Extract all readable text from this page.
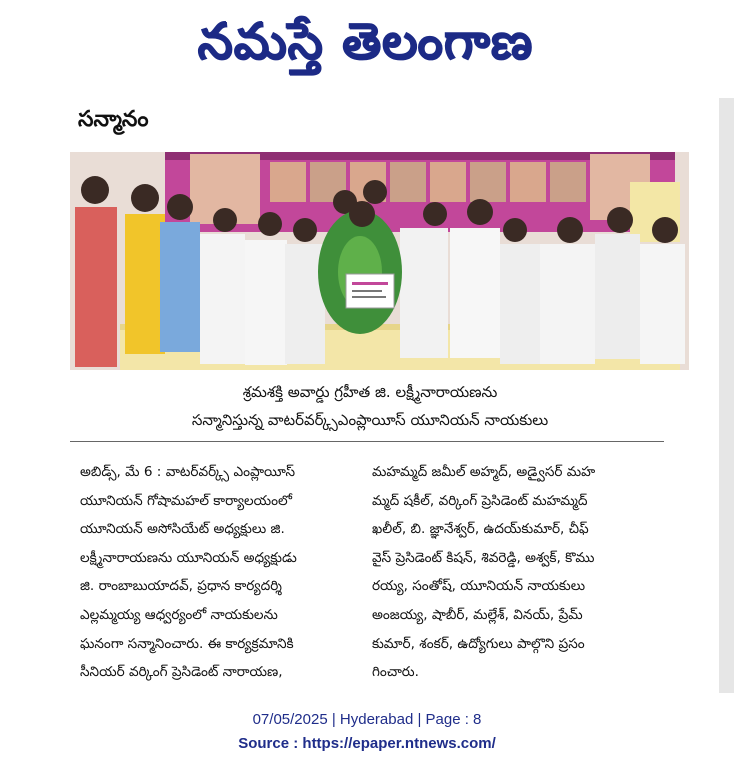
నమస్తే తెలంగాణ
సన్మానం
శ్రమశక్తి అవార్డు గ్రహీత జి. లక్ష్మీనారాయణను
సన్మానిస్తున్న వాటర్‌వర్క్స్ఎంప్లాయీస్ యూనియన్ నాయకులు
అబిడ్స్, మే 6 : వాటర్‌వర్క్స్ ఎంప్లాయీస్
యూనియన్ గోషామహల్ కార్యాలయంలో
యూనియన్ అసోసియేట్ అధ్యక్షులు జి.
లక్ష్మీనారాయణను యూనియన్ అధ్యక్షుడు
జి. రాంబాబుయాదవ్, ప్రధాన కార్యదర్శి
ఎల్లమ్మయ్య ఆధ్వర్యంలో నాయకులను
ఘనంగా సన్మానించారు. ఈ కార్యక్రమానికి
సీనియర్ వర్కింగ్ ప్రెసిడెంట్ నారాయణ,
మహమ్మద్ జమీల్ అహ్మద్, అడ్వైసర్ మహ
మ్మద్ షకీల్, వర్కింగ్ ప్రెసిడెంట్ మహమ్మద్
ఖలీల్, బి. జ్ఞానేశ్వర్, ఉదయ్‌కుమార్, చీఫ్
వైస్ ప్రెసిడెంట్ కిషన్, శివరెడ్డి, అశ్వక్, కొము
రయ్య, సంతోష్, యూనియన్ నాయకులు
అంజయ్య, షాబీర్, మల్లేశ్, వినయ్, ప్రేమ్
కుమార్, శంకర్, ఉద్యోగులు పాల్గొని ప్రసం
గించారు.
07/05/2025 | Hyderabad | Page : 8
Source : https://epaper.ntnews.com/
